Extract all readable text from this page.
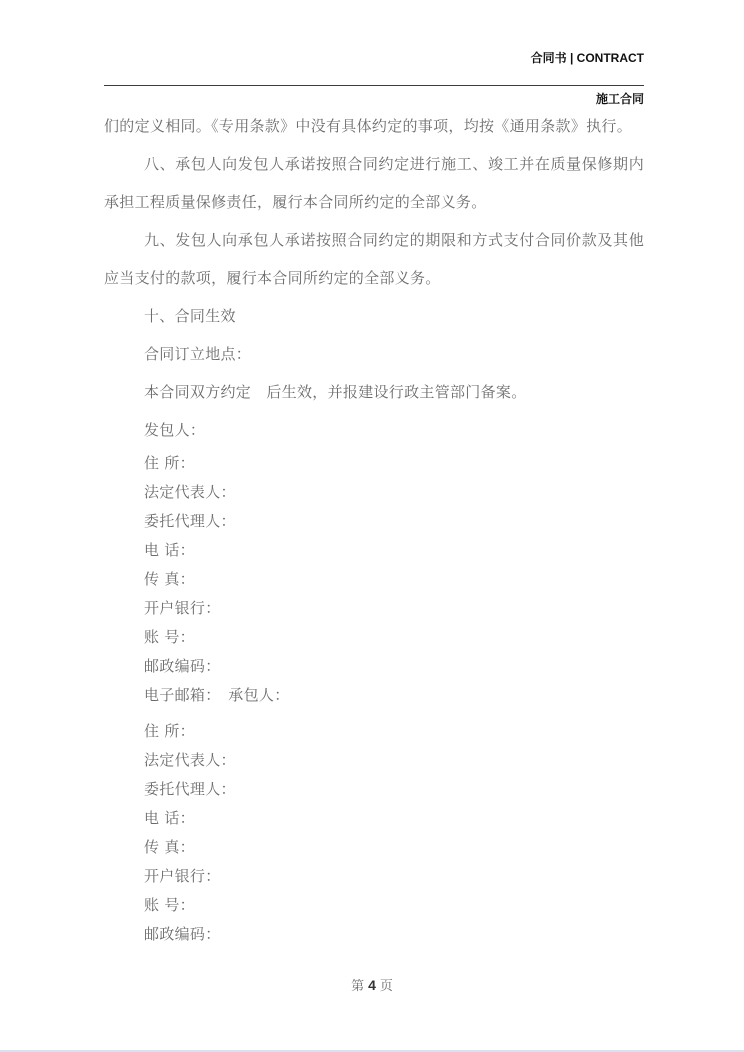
合同书 | CONTRACT
施工合同

们的定义相同。《专用条款》中没有具体约定的事项，均按《通用条款》执行。

八、承包人向发包人承诺按照合同约定进行施工、竣工并在质量保修期内承担工程质量保修责任，履行本合同所约定的全部义务。

九、发包人向承包人承诺按照合同约定的期限和方式支付合同价款及其他应当支付的款项，履行本合同所约定的全部义务。

十、合同生效

合同订立地点：

本合同双方约定　后生效，并报建设行政主管部门备案。

发包人：

住 所：
法定代表人：
委托代理人：
电 话：
传 真：
开户银行：
账 号：
邮政编码：
电子邮箱：　承包人：
住 所：
法定代表人：
委托代理人：
电 话：
传 真：
开户银行：
账 号：
邮政编码：
第 4 页
